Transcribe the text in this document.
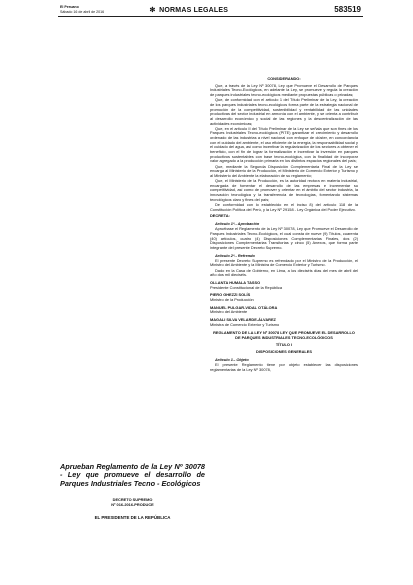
El Peruano
Sábado 16 de abril de 2016	✻ NORMAS LEGALES	583519

CONSIDERANDO:

Que, a través de la Ley Nº 30078, Ley que Promueve el Desarrollo de Parques Industriales Tecno-Ecológicos, en adelante la Ley, se promueve y regula la creación de parques industriales tecno-ecológicos mediante propuestas públicas o privadas;

Que, de conformidad con el artículo 1 del Título Preliminar de la Ley, la creación de los parques industriales tecno-ecológicos forma parte de la estrategia nacional de promoción de la competitividad, sostenibilidad y rentabilidad de las unidades productivas del sector industrial en armonía con el ambiente, y se orienta a contribuir al desarrollo económico y social de las regiones y la descentralización de las actividades económicas;

Que, en el artículo II del Título Preliminar de la Ley se señala que son fines de los Parques Industriales Tecno-ecológicos (PITE) garantizar el crecimiento y desarrollo ordenado de las industrias a nivel nacional con enfoque de clúster, en concordancia con el cuidado del ambiente, el uso eficiente de la energía, la responsabilidad social y el cuidado del agua, así como incentivar la regularización de los sectores a obtener el beneficio, con el fin de lograr la formalización e incentivar la inversión en parques productivos sustentables con base tecno-ecológica, con la finalidad de incorporar valor agregado a la producción primaria en los distintos espacios regionales del país;

Que, mediante la Segunda Disposición Complementaria Final de la Ley se encarga al Ministerio de la Producción, el Ministerio de Comercio Exterior y Turismo y al Ministerio del Ambiente la elaboración de su reglamento;

Que, el Ministerio de la Producción, es la autoridad rectora en materia industrial, encargada de fomentar el desarrollo de las empresas e incrementar su competitividad, así como de promover y orientar en el ámbito del sector industria, la innovación tecnológica y la transferencia de tecnologías, fomentando sistemas tecnológicos claro y fines del país;

De conformidad con lo establecido en el inciso 8) del artículo 118 de la Constitución Política del Perú, y la Ley Nº 29158 - Ley Orgánica del Poder Ejecutivo.

DECRETA:

Artículo 1º.- Aprobación

Apruébase el Reglamento de la Ley Nº 30078, Ley que Promueve el Desarrollo de Parques Industriales Tecno-Ecológicos, el cual consta de nueve (9) Títulos, cuarenta (40) artículos, cuatro (4) Disposiciones Complementarias Finales, dos (2) Disposiciones Complementarias Transitorias y cinco (5) Anexos, que forma parte integrante del presente Decreto Supremo.

Artículo 2º.- Refrendo

El presente Decreto Supremo es refrendado por el Ministro de la Producción, el Ministro del Ambiente y la Ministra de Comercio Exterior y Turismo.

Dado en la Casa de Gobierno, en Lima, a los dieciséis días del mes de abril del año dos mil dieciséis.

OLLANTA HUMALA TASSO
Presidente Constitucional de la República

PIERO GHEZZI SOLÍS
Ministro de la Producción

MANUEL PULGAR-VIDAL OTÁLORA
Ministro del Ambiente

MAGALI SILVA VELARDE-ÁLVAREZ
Ministra de Comercio Exterior y Turismo

REGLAMENTO DE LA LEY Nº 30078 LEY QUE PROMUEVE EL DESARROLLO DE PARQUES INDUSTRIALES TECNO-ECOLÓGICOS

TÍTULO I

DISPOSICIONES GENERALES

Artículo 1.- Objeto

El presente Reglamento tiene por objeto establecer las disposiciones reglamentarias de la Ley Nº 30078,

Aprueban Reglamento de la Ley Nº 30078 - Ley que promueve el desarrollo de Parques Industriales Tecno - Ecológicos
DECRETO SUPREMO
Nº 016-2016-PRODUCE
EL PRESIDENTE DE LA REPÚBLICA
